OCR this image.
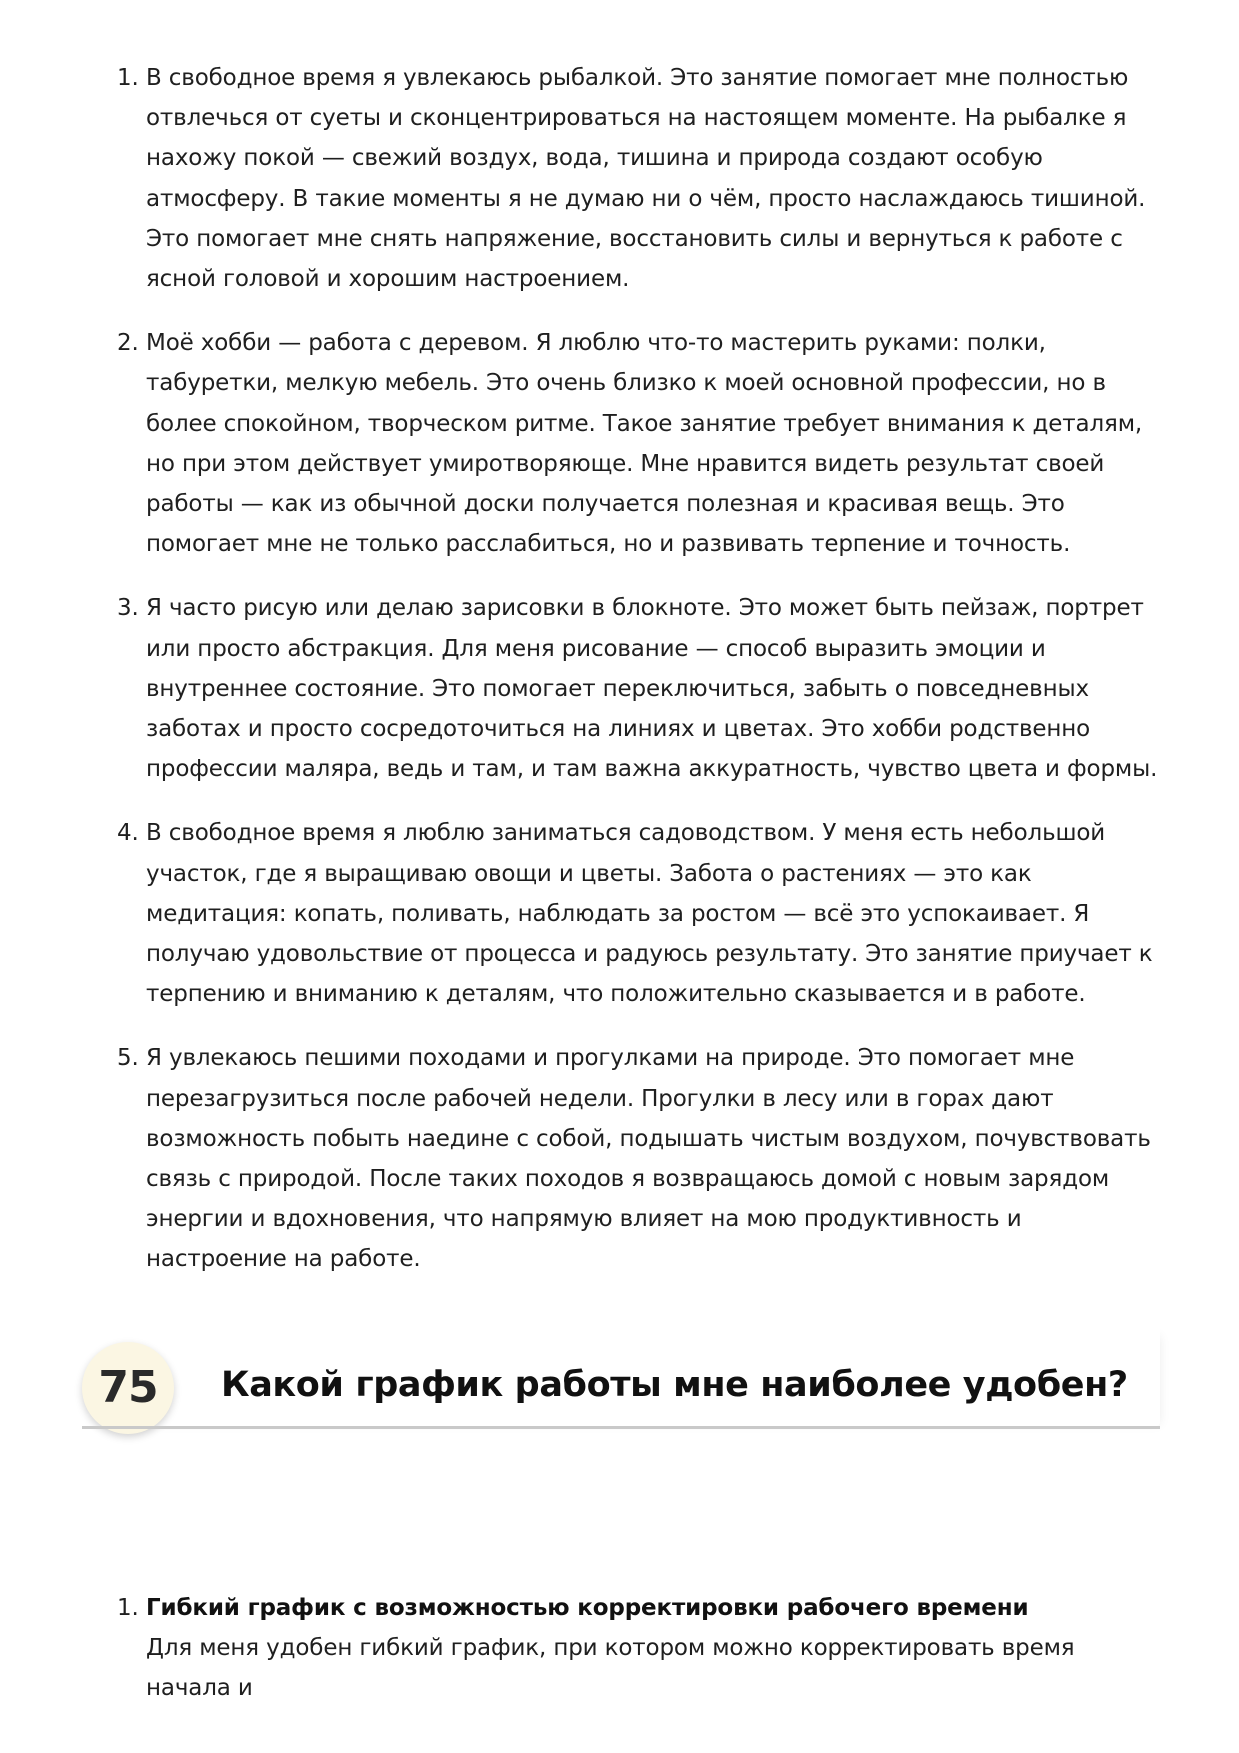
1. В свободное время я увлекаюсь рыбалкой. Это занятие помогает мне полностью отвлечься от суеты и сконцентрироваться на настоящем моменте. На рыбалке я нахожу покой — свежий воздух, вода, тишина и природа создают особую атмосферу. В такие моменты я не думаю ни о чём, просто наслаждаюсь тишиной. Это помогает мне снять напряжение, восстановить силы и вернуться к работе с ясной головой и хорошим настроением.
2. Моё хобби — работа с деревом. Я люблю что-то мастерить руками: полки, табуретки, мелкую мебель. Это очень близко к моей основной профессии, но в более спокойном, творческом ритме. Такое занятие требует внимания к деталям, но при этом действует умиротворяюще. Мне нравится видеть результат своей работы — как из обычной доски получается полезная и красивая вещь. Это помогает мне не только расслабиться, но и развивать терпение и точность.
3. Я часто рисую или делаю зарисовки в блокноте. Это может быть пейзаж, портрет или просто абстракция. Для меня рисование — способ выразить эмоции и внутреннее состояние. Это помогает переключиться, забыть о повседневных заботах и просто сосредоточиться на линиях и цветах. Это хобби родственно профессии маляра, ведь и там, и там важна аккуратность, чувство цвета и формы.
4. В свободное время я люблю заниматься садоводством. У меня есть небольшой участок, где я выращиваю овощи и цветы. Забота о растениях — это как медитация: копать, поливать, наблюдать за ростом — всё это успокаивает. Я получаю удовольствие от процесса и радуюсь результату. Это занятие приучает к терпению и вниманию к деталям, что положительно сказывается и в работе.
5. Я увлекаюсь пешими походами и прогулками на природе. Это помогает мне перезагрузиться после рабочей недели. Прогулки в лесу или в горах дают возможность побыть наедине с собой, подышать чистым воздухом, почувствовать связь с природой. После таких походов я возвращаюсь домой с новым зарядом энергии и вдохновения, что напрямую влияет на мою продуктивность и настроение на работе.
75	Какой график работы мне наиболее удобен?
1. Гибкий график с возможностью корректировки рабочего времени
Для меня удобен гибкий график, при котором можно корректировать время начала и
